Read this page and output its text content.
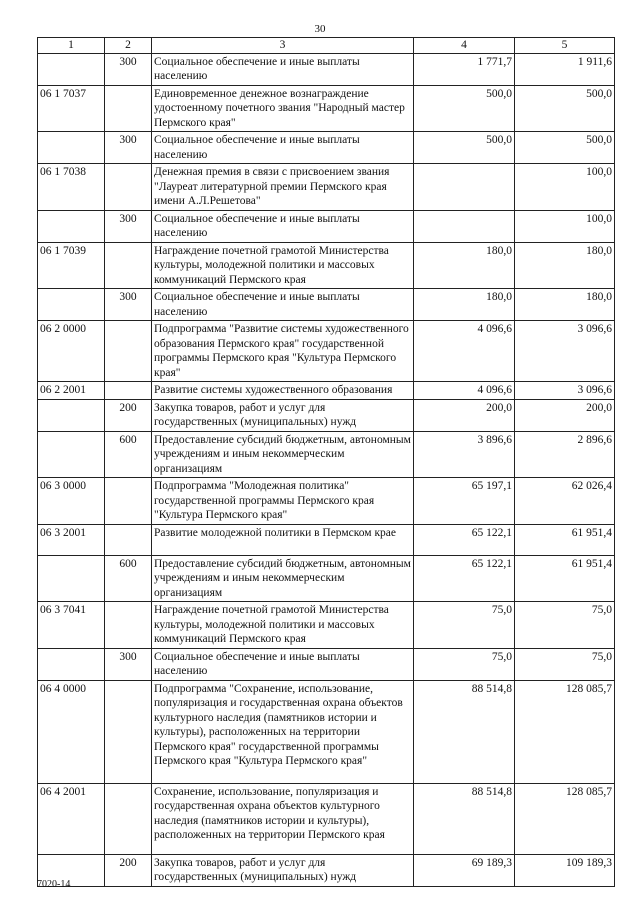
30
1	2	3	4	5
	300	Социальное обеспечение и иные выплаты населению	1 771,7	1 911,6
06 1 7037		Единовременное денежное вознаграждение удостоенному почетного звания "Народный мастер Пермского края"	500,0	500,0
	300	Социальное обеспечение и иные выплаты населению	500,0	500,0
06 1 7038		Денежная премия в связи с присвоением звания "Лауреат литературной премии Пермского края имени А.Л.Решетова"		100,0
	300	Социальное обеспечение и иные выплаты населению		100,0
06 1 7039		Награждение почетной грамотой Министерства культуры, молодежной политики и массовых коммуникаций Пермского края	180,0	180,0
	300	Социальное обеспечение и иные выплаты населению	180,0	180,0
06 2 0000		Подпрограмма "Развитие системы художественного образования Пермского края" государственной программы Пермского края "Культура Пермского края"	4 096,6	3 096,6
06 2 2001		Развитие системы художественного образования	4 096,6	3 096,6
	200	Закупка товаров, работ и услуг для государственных (муниципальных) нужд	200,0	200,0
	600	Предоставление субсидий бюджетным, автономным учреждениям и иным некоммерческим организациям	3 896,6	2 896,6
06 3 0000		Подпрограмма "Молодежная политика" государственной программы Пермского края "Культура Пермского края"	65 197,1	62 026,4
06 3 2001		Развитие молодежной политики в Пермском крае	65 122,1	61 951,4
	600	Предоставление субсидий бюджетным, автономным учреждениям и иным некоммерческим организациям	65 122,1	61 951,4
06 3 7041		Награждение почетной грамотой Министерства культуры, молодежной политики и массовых коммуникаций Пермского края	75,0	75,0
	300	Социальное обеспечение и иные выплаты населению	75,0	75,0
06 4 0000		Подпрограмма "Сохранение, использование, популяризация и государственная охрана объектов культурного наследия (памятников истории и культуры), расположенных на территории Пермского края" государственной программы Пермского края "Культура Пермского края"	88 514,8	128 085,7
06 4 2001		Сохранение, использование, популяризация и государственная охрана объектов культурного наследия (памятников истории и культуры), расположенных на территории Пермского края	88 514,8	128 085,7
	200	Закупка товаров, работ и услуг для государственных (муниципальных) нужд	69 189,3	109 189,3
7020-14
